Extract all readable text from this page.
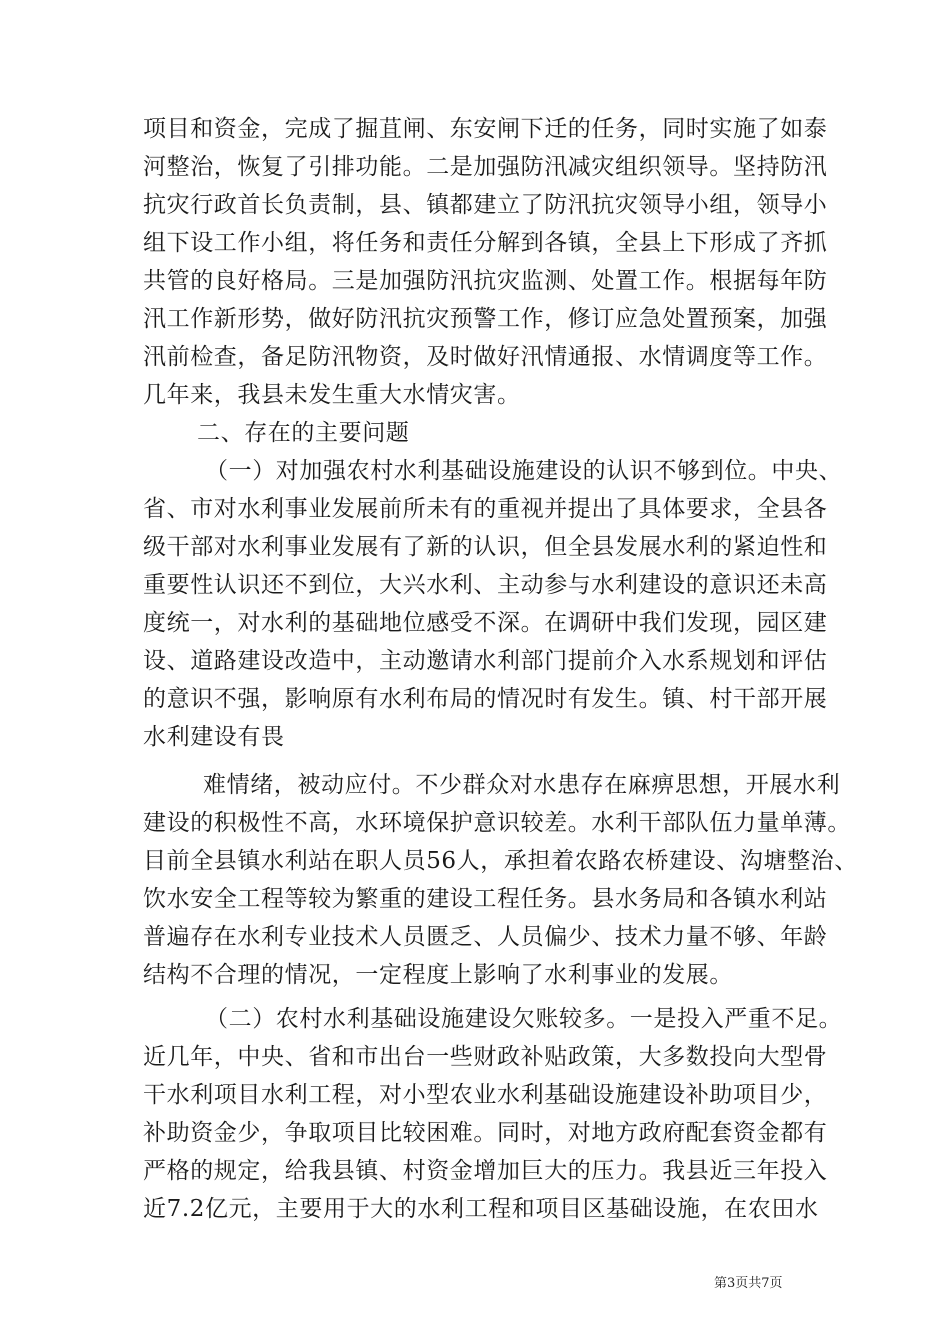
项目和资金，完成了掘苴闸、东安闸下迁的任务，同时实施了如泰
河整治，恢复了引排功能。二是加强防汛减灾组织领导。坚持防汛
抗灾行政首长负责制，县、镇都建立了防汛抗灾领导小组，领导小
组下设工作小组，将任务和责任分解到各镇，全县上下形成了齐抓
共管的良好格局。三是加强防汛抗灾监测、处置工作。根据每年防
汛工作新形势，做好防汛抗灾预警工作，修订应急处置预案，加强
汛前检查，备足防汛物资，及时做好汛情通报、水情调度等工作。
几年来，我县未发生重大水情灾害。
二、存在的主要问题
（一）对加强农村水利基础设施建设的认识不够到位。中央、
省、市对水利事业发展前所未有的重视并提出了具体要求，全县各
级干部对水利事业发展有了新的认识，但全县发展水利的紧迫性和
重要性认识还不到位，大兴水利、主动参与水利建设的意识还未高
度统一，对水利的基础地位感受不深。在调研中我们发现，园区建
设、道路建设改造中，主动邀请水利部门提前介入水系规划和评估
的意识不强，影响原有水利布局的情况时有发生。镇、村干部开展
水利建设有畏
难情绪，被动应付。不少群众对水患存在麻痹思想，开展水利
建设的积极性不高，水环境保护意识较差。水利干部队伍力量单薄。
目前全县镇水利站在职人员56人，承担着农路农桥建设、沟塘整治、
饮水安全工程等较为繁重的建设工程任务。县水务局和各镇水利站
普遍存在水利专业技术人员匮乏、人员偏少、技术力量不够、年龄
结构不合理的情况，一定程度上影响了水利事业的发展。
（二）农村水利基础设施建设欠账较多。一是投入严重不足。
近几年，中央、省和市出台一些财政补贴政策，大多数投向大型骨
干水利项目水利工程，对小型农业水利基础设施建设补助项目少，
补助资金少，争取项目比较困难。同时，对地方政府配套资金都有
严格的规定，给我县镇、村资金增加巨大的压力。我县近三年投入
近7.2亿元，主要用于大的水利工程和项目区基础设施，在农田水
第3页共7页
